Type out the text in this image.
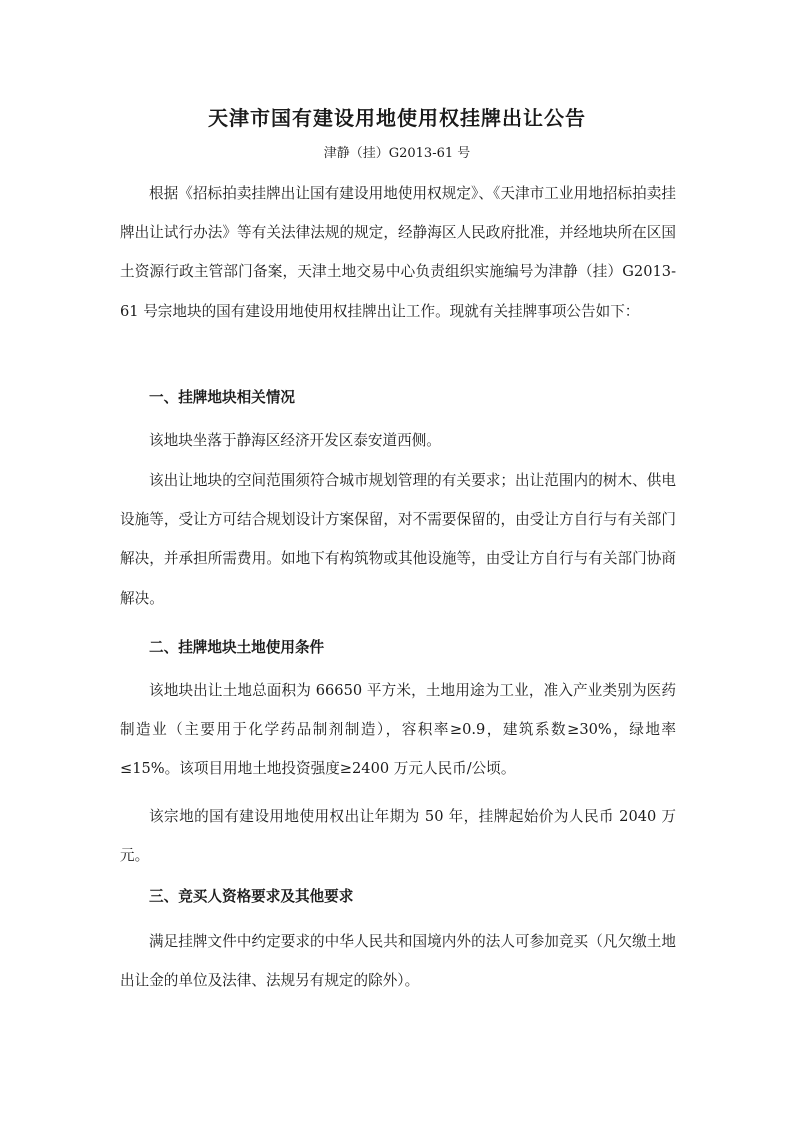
天津市国有建设用地使用权挂牌出让公告
津静（挂）G2013-61 号

根据《招标拍卖挂牌出让国有建设用地使用权规定》、《天津市工业用地招标拍卖挂牌出让试行办法》等有关法律法规的规定，经静海区人民政府批准，并经地块所在区国土资源行政主管部门备案，天津土地交易中心负责组织实施编号为津静（挂）G2013-61 号宗地块的国有建设用地使用权挂牌出让工作。现就有关挂牌事项公告如下：

一、挂牌地块相关情况

该地块坐落于静海区经济开发区泰安道西侧。

该出让地块的空间范围须符合城市规划管理的有关要求；出让范围内的树木、供电设施等，受让方可结合规划设计方案保留，对不需要保留的，由受让方自行与有关部门解决，并承担所需费用。如地下有构筑物或其他设施等，由受让方自行与有关部门协商解决。

二、挂牌地块土地使用条件

该地块出让土地总面积为 66650 平方米，土地用途为工业，准入产业类别为医药制造业（主要用于化学药品制剂制造），容积率≥0.9，建筑系数≥30%，绿地率≤15%。该项目用地土地投资强度≥2400 万元人民币/公顷。

该宗地的国有建设用地使用权出让年期为 50 年，挂牌起始价为人民币 2040 万元。

三、竞买人资格要求及其他要求

满足挂牌文件中约定要求的中华人民共和国境内外的法人可参加竞买（凡欠缴土地出让金的单位及法律、法规另有规定的除外）。
